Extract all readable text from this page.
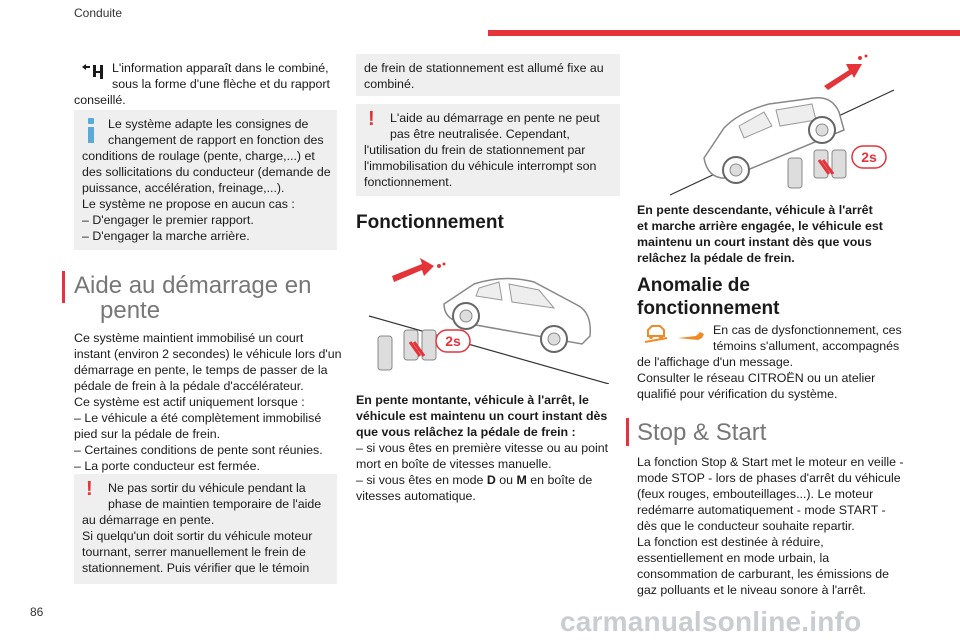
Conduite
L'information apparaît dans le combiné,
sous la forme d'une flèche et du rapport
conseillé.
Le système adapte les consignes de
changement de rapport en fonction des
conditions de roulage (pente, charge,...) et
des sollicitations du conducteur (demande de
puissance, accélération, freinage,...).
Le système ne propose en aucun cas :
– D'engager le premier rapport.
– D'engager la marche arrière.
Aide au démarrage en
pente
Ce système maintient immobilisé un court
instant (environ 2 secondes) le véhicule lors d'un
démarrage en pente, le temps de passer de la
pédale de frein à la pédale d'accélérateur.
Ce système est actif uniquement lorsque :
– Le véhicule a été complètement immobilisé
pied sur la pédale de frein.
– Certaines conditions de pente sont réunies.
– La porte conducteur est fermée.
! Ne pas sortir du véhicule pendant la
phase de maintien temporaire de l'aide
au démarrage en pente.
Si quelqu'un doit sortir du véhicule moteur
tournant, serrer manuellement le frein de
stationnement. Puis vérifier que le témoin
de frein de stationnement est allumé fixe au
combiné.
! L'aide au démarrage en pente ne peut
pas être neutralisée. Cependant,
l'utilisation du frein de stationnement par
l'immobilisation du véhicule interrompt son
fonctionnement.
Fonctionnement
2s
En pente montante, véhicule à l'arrêt, le
véhicule est maintenu un court instant dès
que vous relâchez la pédale de frein :
– si vous êtes en première vitesse ou au point
mort en boîte de vitesses manuelle.
– si vous êtes en mode D ou M en boîte de
vitesses automatique.
2s
En pente descendante, véhicule à l'arrêt
et marche arrière engagée, le véhicule est
maintenu un court instant dès que vous
relâchez la pédale de frein.
Anomalie de
fonctionnement
En cas de dysfonctionnement, ces
témoins s'allument, accompagnés
de l'affichage d'un message.
Consulter le réseau CITROËN ou un atelier
qualifié pour vérification du système.
Stop & Start
La fonction Stop & Start met le moteur en veille -
mode STOP - lors de phases d'arrêt du véhicule
(feux rouges, embouteillages...). Le moteur
redémarre automatiquement - mode START -
dès que le conducteur souhaite repartir.
La fonction est destinée à réduire,
essentiellement en mode urbain, la
consommation de carburant, les émissions de
gaz polluants et le niveau sonore à l'arrêt.
86	carmanualsonline.info
